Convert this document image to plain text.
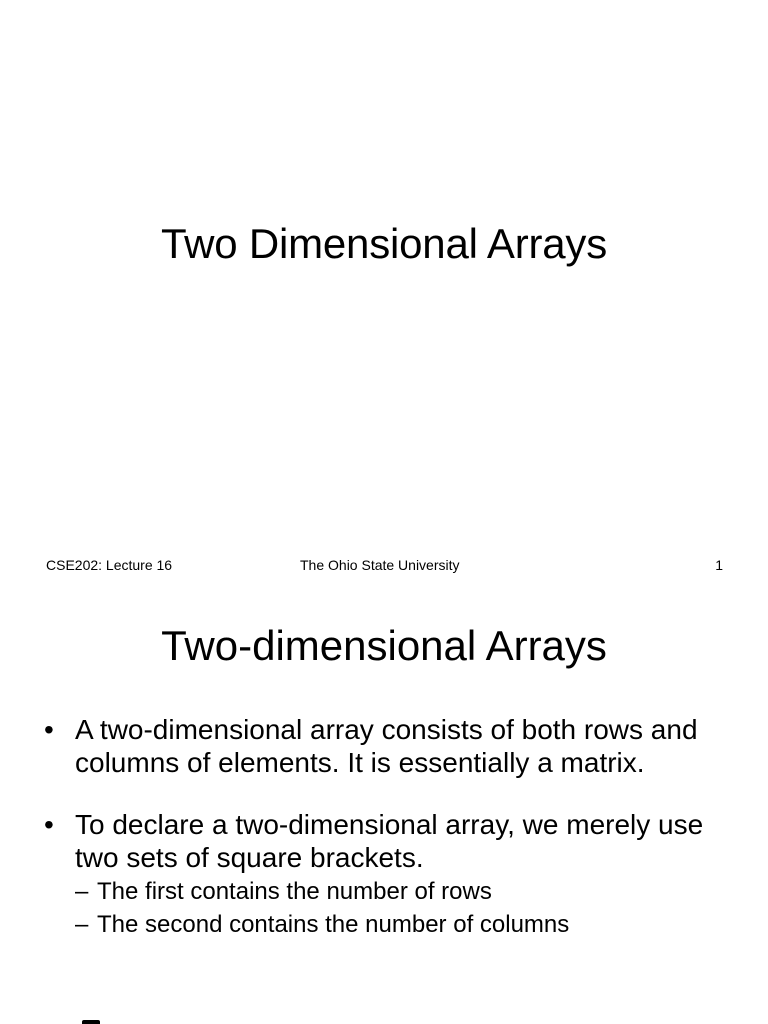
Two Dimensional Arrays
CSE202: Lecture 16	The Ohio State University	1
Two-dimensional Arrays
• A two-dimensional array consists of both rows and columns of elements. It is essentially a matrix.
• To declare a two-dimensional array, we merely use two sets of square brackets.
– The first contains the number of rows
– The second contains the number of columns
